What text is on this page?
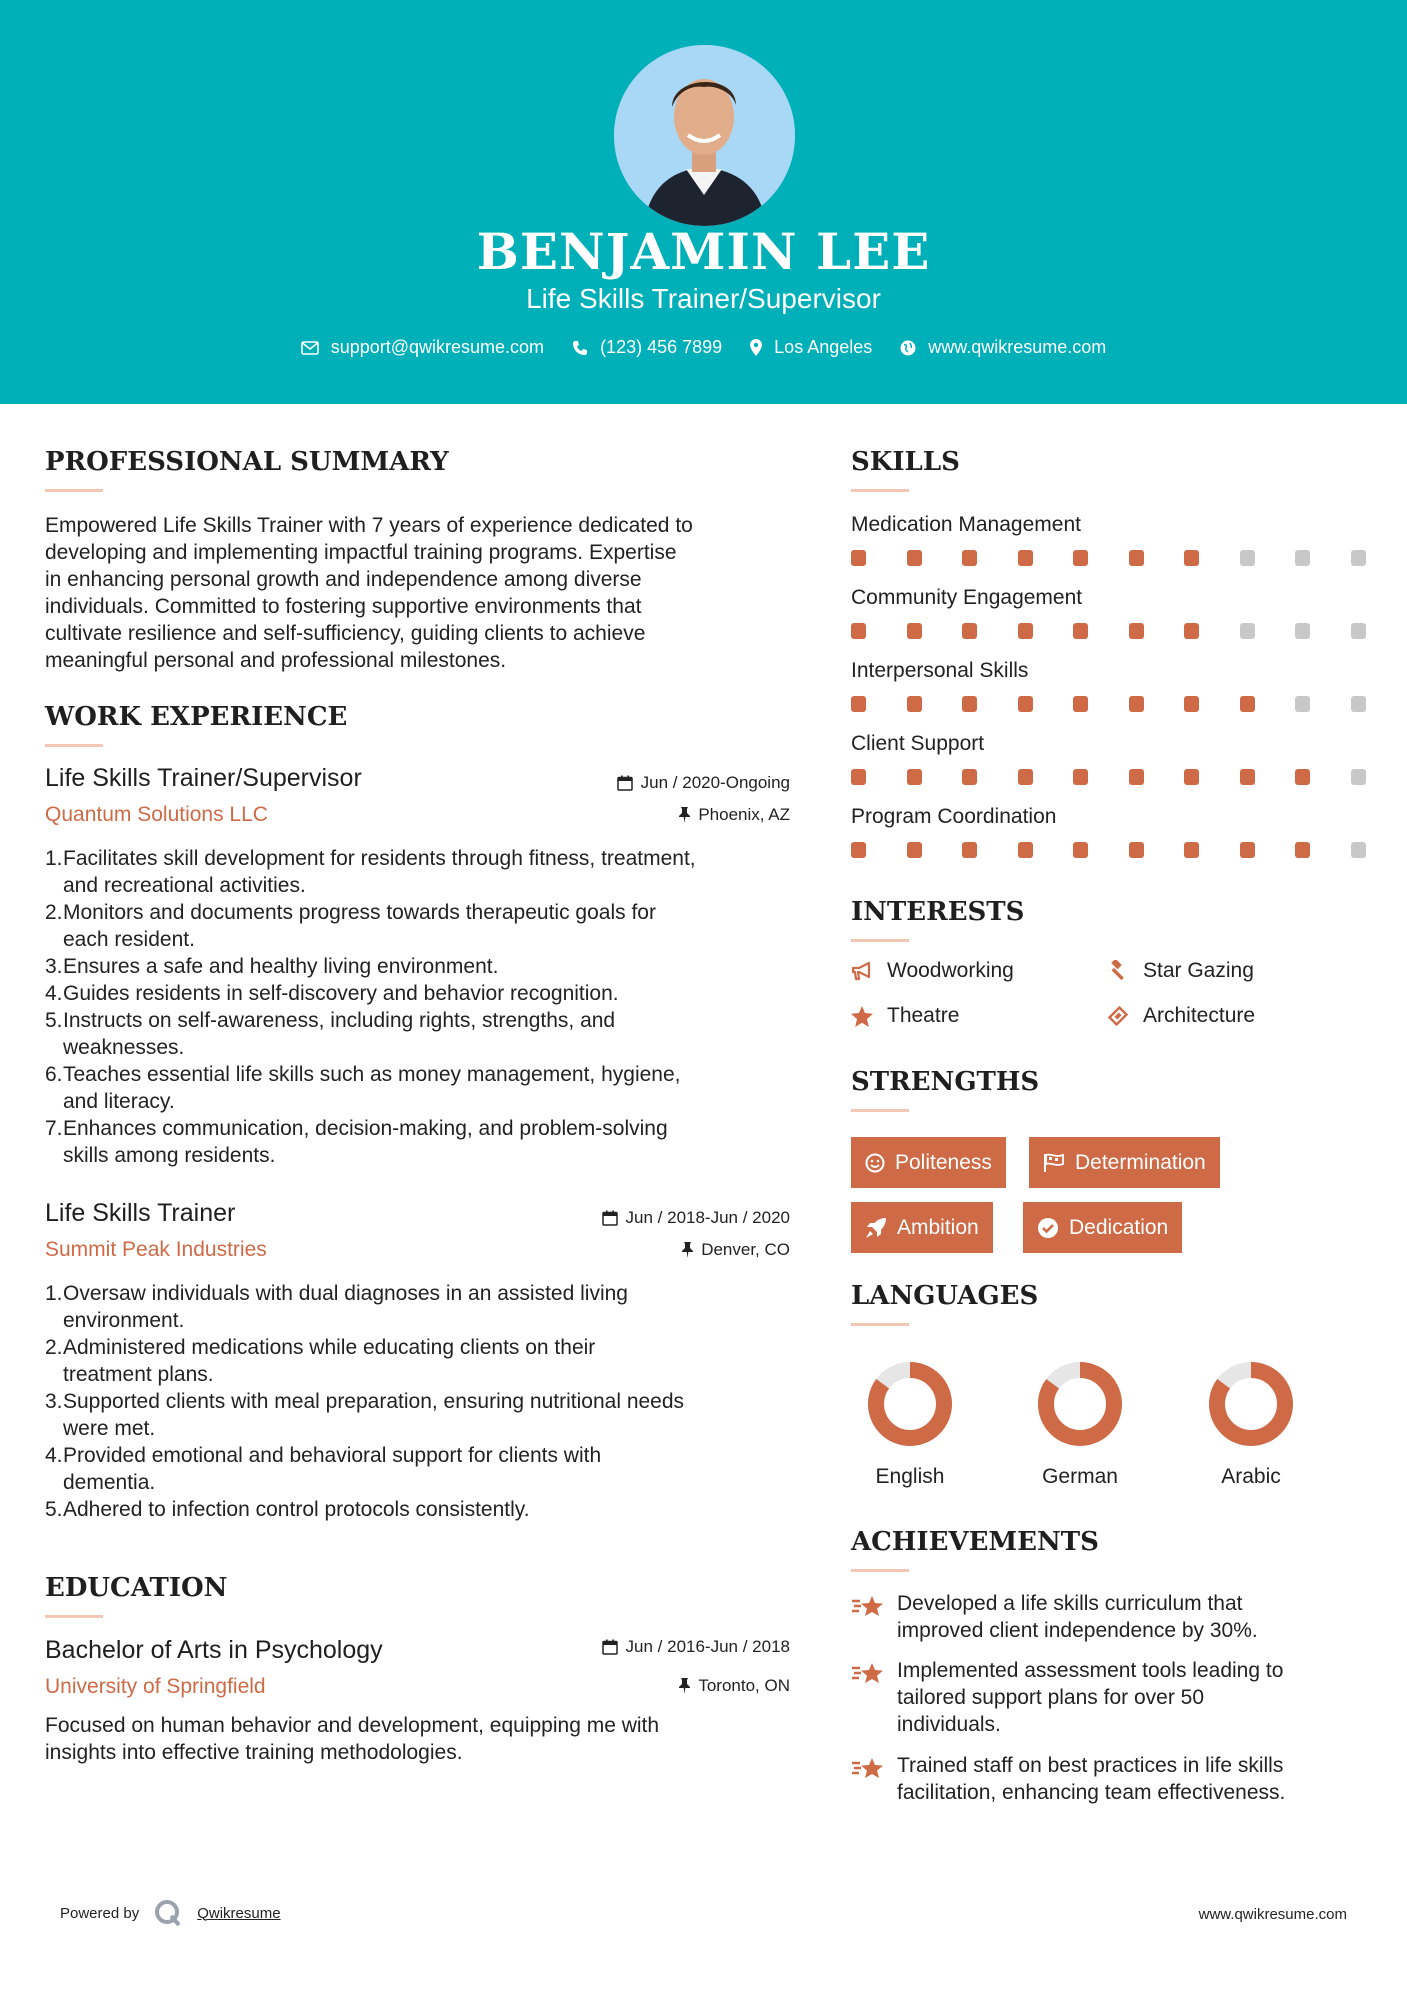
BENJAMIN LEE
Life Skills Trainer/Supervisor
support@qwikresume.com	(123) 456 7899	Los Angeles	www.qwikresume.com
PROFESSIONAL SUMMARY
Empowered Life Skills Trainer with 7 years of experience dedicated to
developing and implementing impactful training programs. Expertise
in enhancing personal growth and independence among diverse
individuals. Committed to fostering supportive environments that
cultivate resilience and self-sufficiency, guiding clients to achieve
meaningful personal and professional milestones.
WORK EXPERIENCE
Life Skills Trainer/Supervisor	Jun / 2020-Ongoing
Quantum Solutions LLC	Phoenix, AZ
1. Facilitates skill development for residents through fitness, treatment,
and recreational activities.
2. Monitors and documents progress towards therapeutic goals for
each resident.
3. Ensures a safe and healthy living environment.
4. Guides residents in self-discovery and behavior recognition.
5. Instructs on self-awareness, including rights, strengths, and
weaknesses.
6. Teaches essential life skills such as money management, hygiene,
and literacy.
7. Enhances communication, decision-making, and problem-solving
skills among residents.
Life Skills Trainer	Jun / 2018-Jun / 2020
Summit Peak Industries	Denver, CO
1. Oversaw individuals with dual diagnoses in an assisted living
environment.
2. Administered medications while educating clients on their
treatment plans.
3. Supported clients with meal preparation, ensuring nutritional needs
were met.
4. Provided emotional and behavioral support for clients with
dementia.
5. Adhered to infection control protocols consistently.
EDUCATION
Bachelor of Arts in Psychology	Jun / 2016-Jun / 2018
University of Springfield	Toronto, ON
Focused on human behavior and development, equipping me with
insights into effective training methodologies.
SKILLS
Medication Management
Community Engagement
Interpersonal Skills
Client Support
Program Coordination
INTERESTS
Woodworking	Star Gazing
Theatre	Architecture
STRENGTHS
Politeness	Determination
Ambition	Dedication
LANGUAGES
English	German	Arabic
ACHIEVEMENTS
Developed a life skills curriculum that
improved client independence by 30%.
Implemented assessment tools leading to
tailored support plans for over 50
individuals.
Trained staff on best practices in life skills
facilitation, enhancing team effectiveness.
Powered by	Qwikresume	www.qwikresume.com
